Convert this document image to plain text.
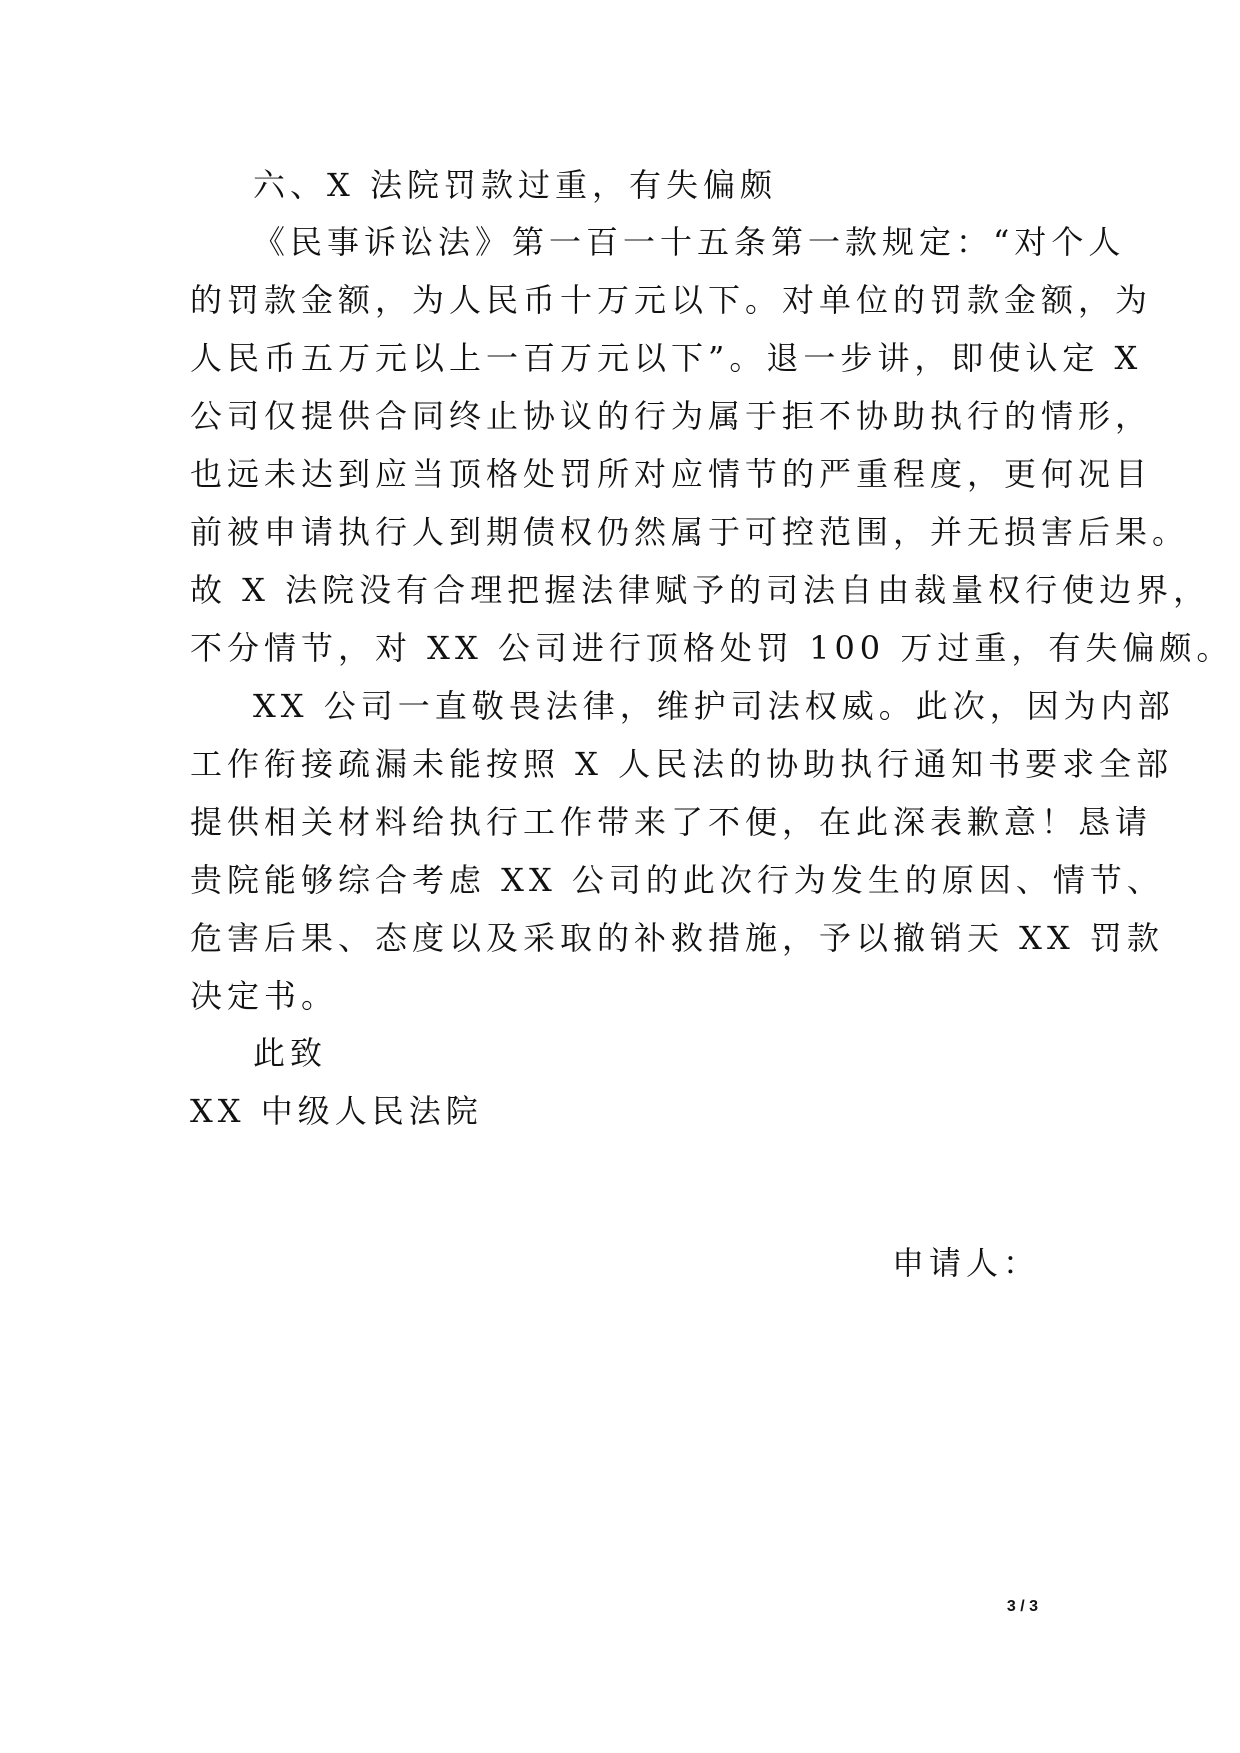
六、X 法院罚款过重，有失偏颇
《民事诉讼法》第一百一十五条第一款规定：“对个人
的罚款金额，为人民币十万元以下。对单位的罚款金额，为
人民币五万元以上一百万元以下”。退一步讲，即使认定 X
公司仅提供合同终止协议的行为属于拒不协助执行的情形，
也远未达到应当顶格处罚所对应情节的严重程度，更何况目
前被申请执行人到期债权仍然属于可控范围，并无损害后果。
故 X 法院没有合理把握法律赋予的司法自由裁量权行使边界，
不分情节，对 XX 公司进行顶格处罚 100 万过重，有失偏颇。
XX 公司一直敬畏法律，维护司法权威。此次，因为内部
工作衔接疏漏未能按照 X 人民法的协助执行通知书要求全部
提供相关材料给执行工作带来了不便，在此深表歉意！恳请
贵院能够综合考虑 XX 公司的此次行为发生的原因、情节、
危害后果、态度以及采取的补救措施，予以撤销天 XX 罚款
决定书。
此致
XX 中级人民法院
申请人：
3 / 3
